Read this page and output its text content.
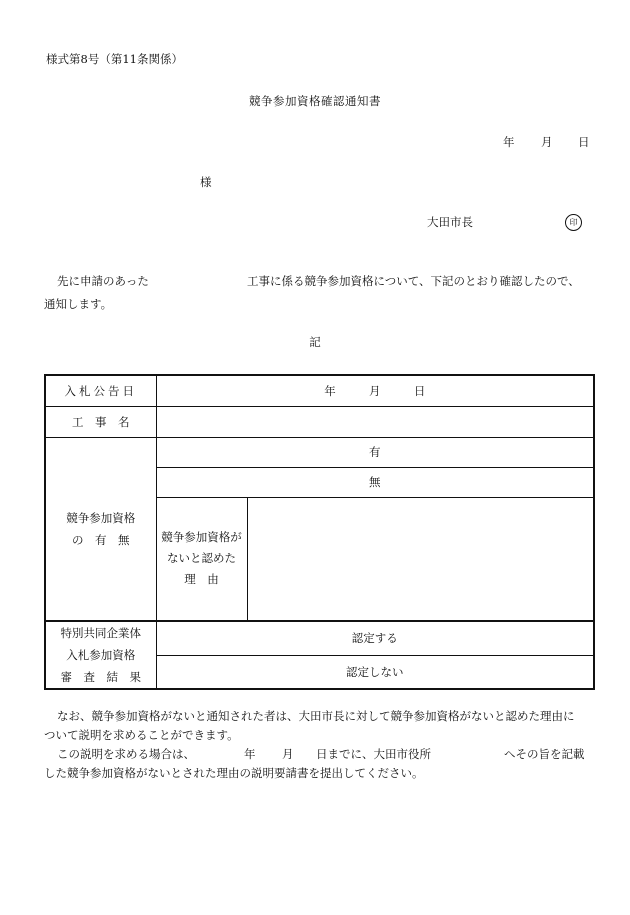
様式第8号（第11条関係）
競争参加資格確認通知書
年 月 日
様
大田市長	印
先に申請のあった	工事に係る競争参加資格について、下記のとおり確認したので、
通知します。
記
入札公告日	年 月 日	
工　事　名		

競争参加資格
の　有　無	有	
	無	
	競争参加資格がないと認めた　理　由	

特別共同企業体
入札参加資格
審　査　結　果	認定する	
	認定しない	
なお、競争参加資格がないと通知された者は、大田市長に対して競争参加資格がないと認めた理由に
ついて説明を求めることができます。
この説明を求める場合は、	年 月 日までに、大田市役所	へその旨を記載
した競争参加資格がないとされた理由の説明要請書を提出してください。
